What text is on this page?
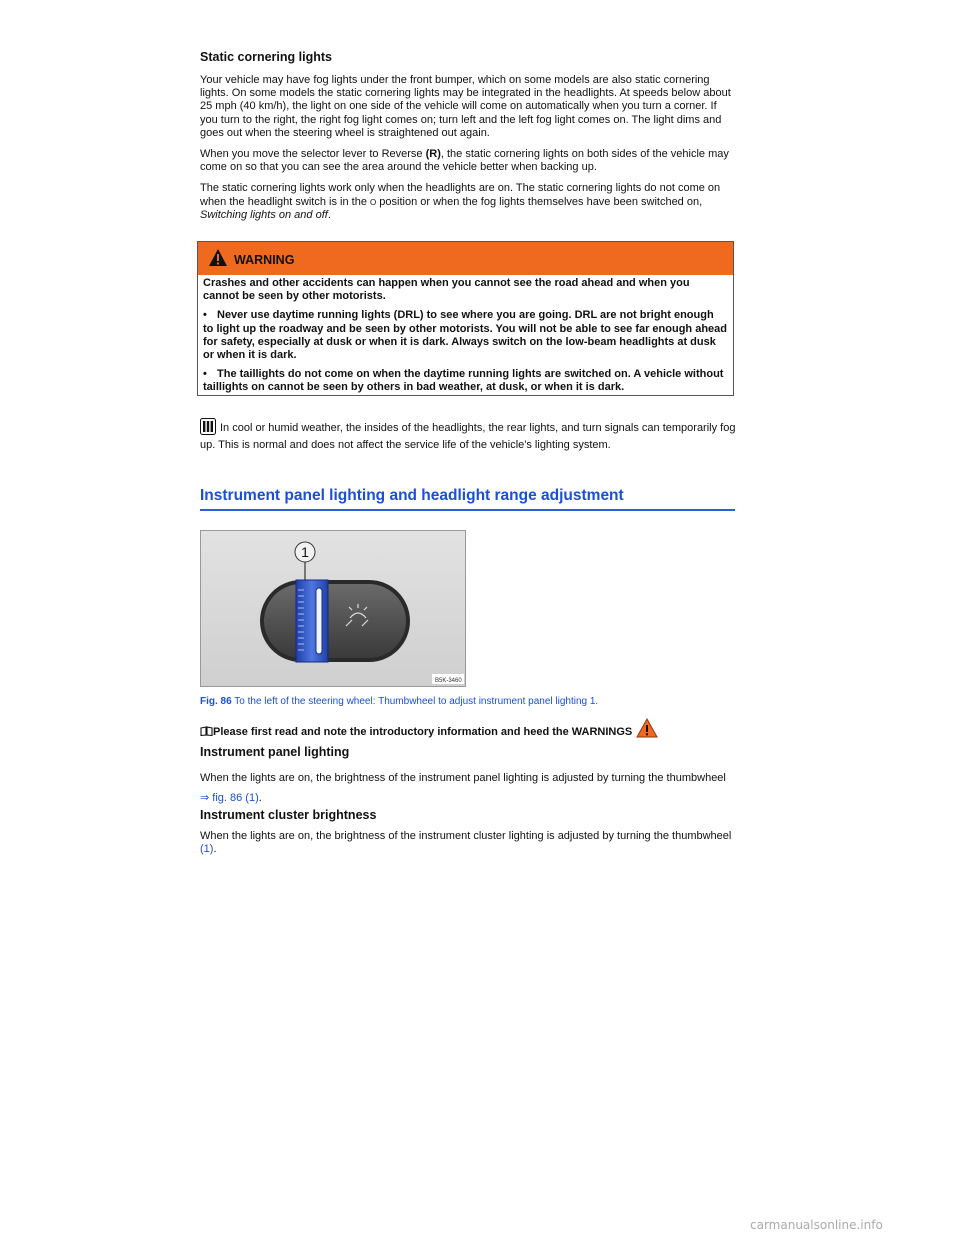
Static cornering lights

Your vehicle may have fog lights under the front bumper, which on some models are also static cornering lights. On some models the static cornering lights may be integrated in the headlights. At speeds below about 25 mph (40 km/h), the light on one side of the vehicle will come on automatically when you turn a corner. If you turn to the right, the right fog light comes on; turn left and the left fog light comes on. The light dims and goes out when the steering wheel is straightened out again.

When you move the selector lever to Reverse (R), the static cornering lights on both sides of the vehicle may come on so that you can see the area around the vehicle better when backing up.

The static cornering lights work only when the headlights are on. The static cornering lights do not come on when the headlight switch is in the O position or when the fog lights themselves have been switched on, Switching lights on and off.

WARNING

Crashes and other accidents can happen when you cannot see the road ahead and when you cannot be seen by other motorists.

• Never use daytime running lights (DRL) to see where you are going. DRL are not bright enough to light up the roadway and be seen by other motorists. You will not be able to see far enough ahead for safety, especially at dusk or when it is dark. Always switch on the low-beam headlights at dusk or when it is dark.

• The taillights do not come on when the daytime running lights are switched on. A vehicle without taillights on cannot be seen by others in bad weather, at dusk, or when it is dark.

In cool or humid weather, the insides of the headlights, the rear lights, and turn signals can temporarily fog up. This is normal and does not affect the service life of the vehicle's lighting system.

Instrument panel lighting and headlight range adjustment
1
B5K-3460
Fig. 86 To the left of the steering wheel: Thumbwheel to adjust instrument panel lighting 1.
Please first read and note the introductory information and heed the WARNINGS
Instrument panel lighting

When the lights are on, the brightness of the instrument panel lighting is adjusted by turning the thumbwheel ⇒ fig. 86 (1).

Instrument cluster brightness

When the lights are on, the brightness of the instrument cluster lighting is adjusted by turning the thumbwheel (1).

carmanualsonline.info
